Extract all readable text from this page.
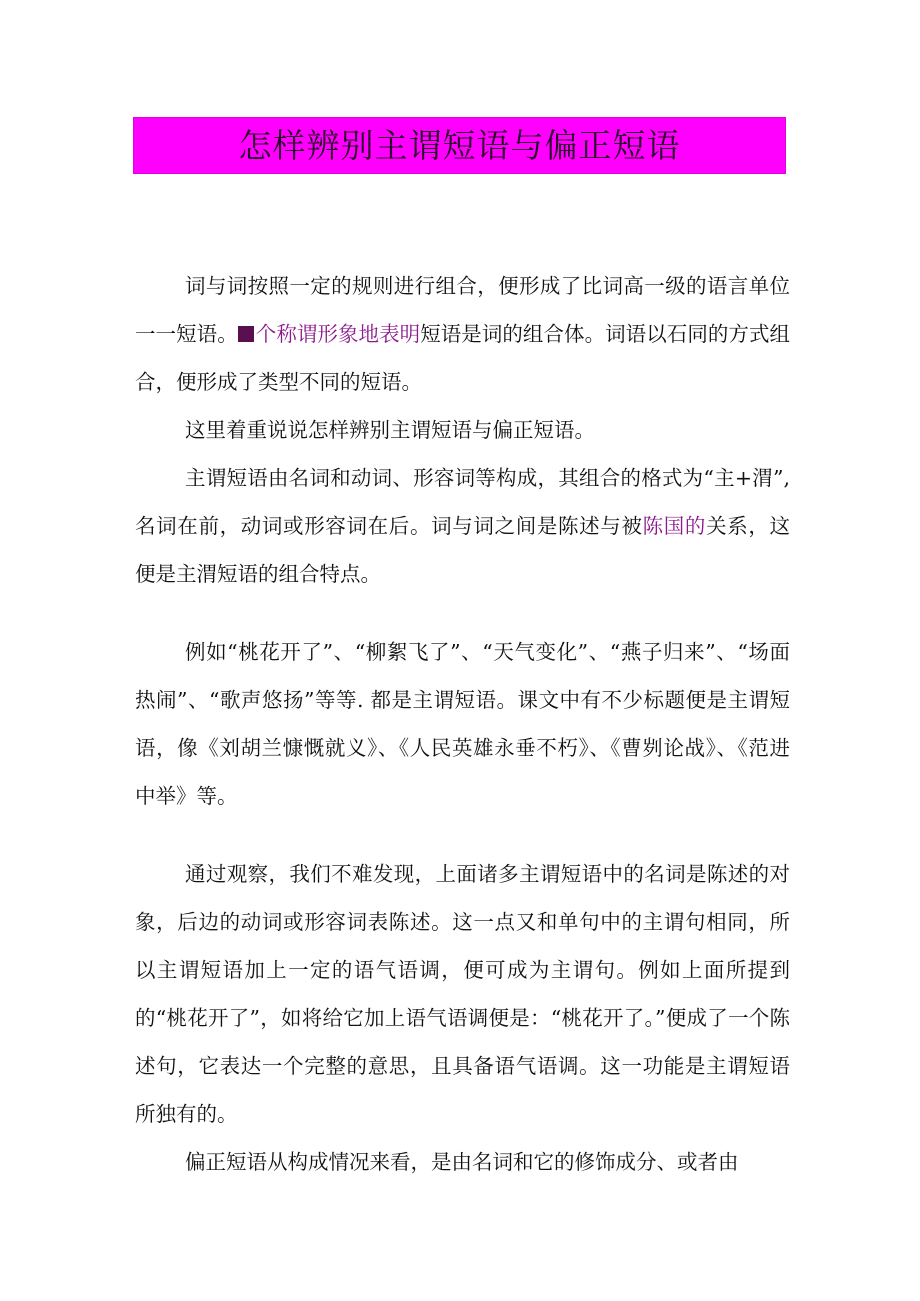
怎样辨别主谓短语与偏正短语

词与词按照一定的规则进行组合，便形成了比词高一级的语言单位一一短语。 个称谓形象地表明短语是词的组合体。词语以石同的方式组合，便形成了类型不同的短语。

这里着重说说怎样辨别主谓短语与偏正短语。

主谓短语由名词和动词、形容词等构成，其组合的格式为“主+渭”, 名词在前，动词或形容词在后。词与词之间是陈述与被陈国的关系，这便是主渭短语的组合特点。

例如“桃花开了”、“柳絮飞了”、“天气变化”、“燕子归来”、“场面热闹”、“歌声悠扬”等等. 都是主谓短语。课文中有不少标题便是主谓短语，像《刘胡兰慷慨就义》、《人民英雄永垂不朽》、《曹刿论战》、《范进中举》等。

通过观察，我们不难发现，上面诸多主谓短语中的名词是陈述的对象，后边的动词或形容词表陈述。这一点又和单句中的主谓句相同，所以主谓短语加上一定的语气语调，便可成为主谓句。例如上面所提到的“桃花开了”，如将给它加上语气语调便是：“桃花开了。”便成了一个陈述句，它表达一个完整的意思，且具备语气语调。这一功能是主谓短语所独有的。

偏正短语从构成情况来看，是由名词和它的修饰成分、或者由
